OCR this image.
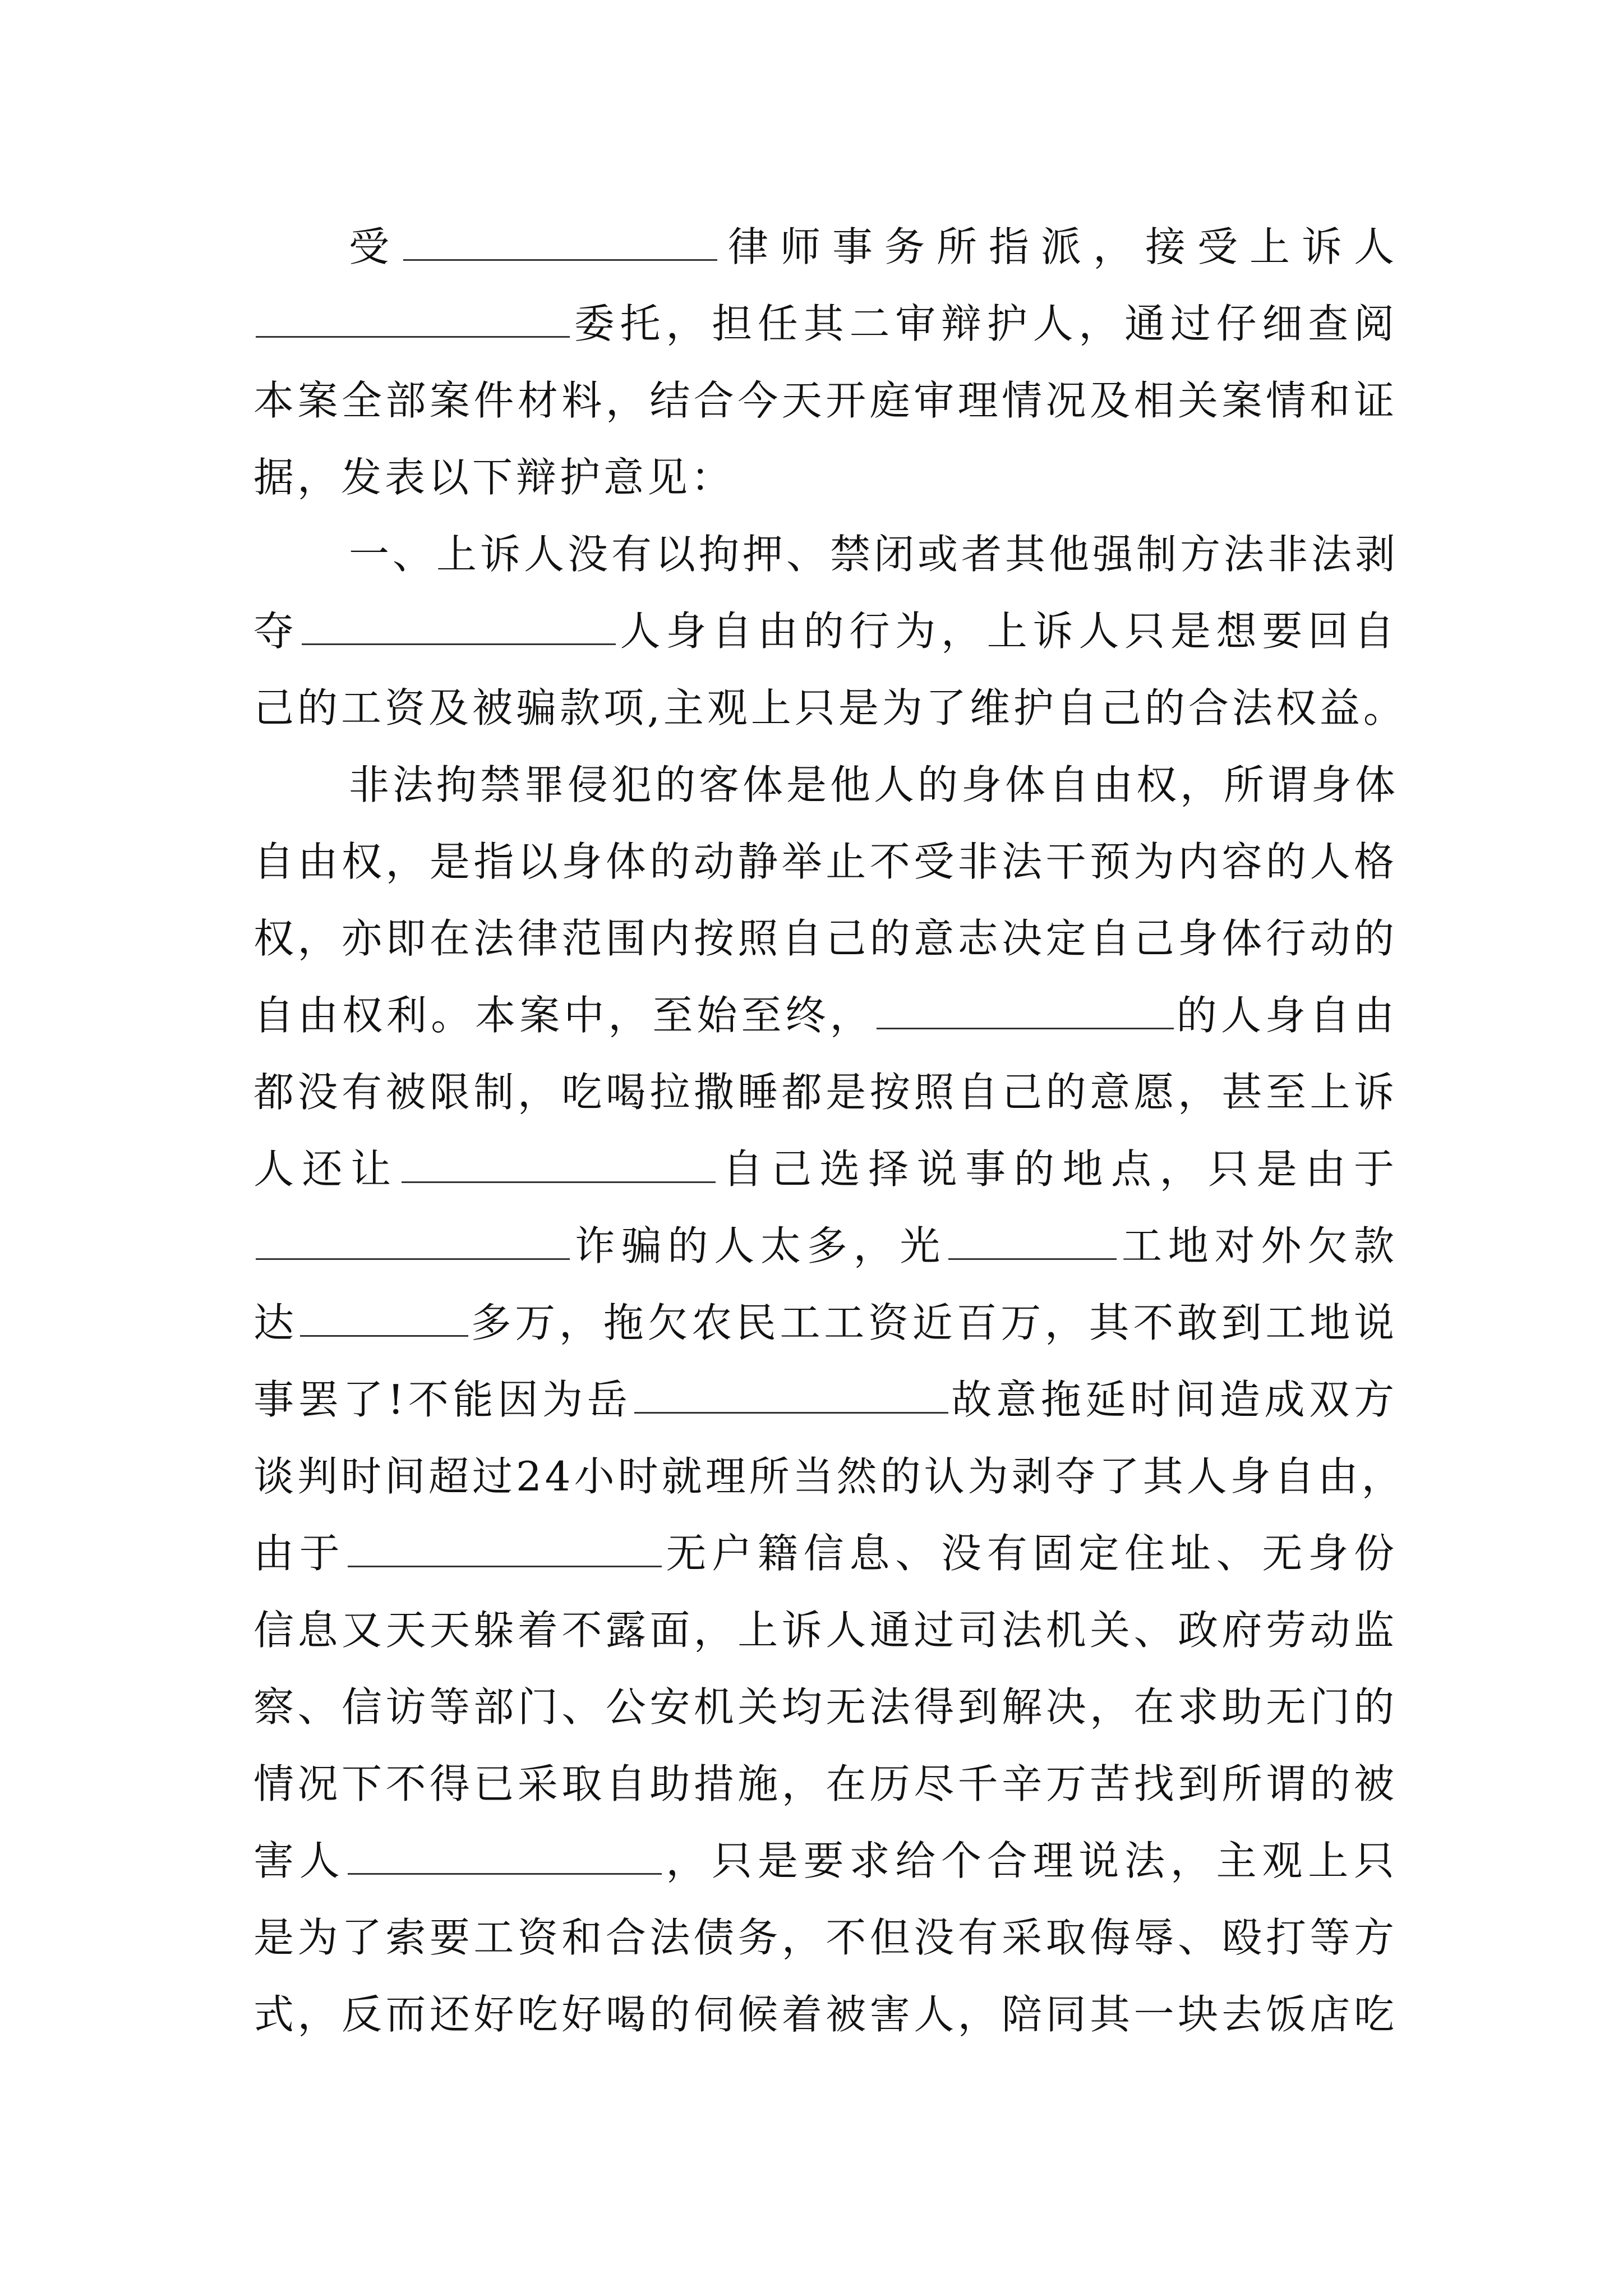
受	律师事务所指派，接受上诉人
委托，担任其二审辩护人，通过仔细查阅
本案全部案件材料，结合今天开庭审理情况及相关案情和证
据，发表以下辩护意见：
一、上诉人没有以拘押、禁闭或者其他强制方法非法剥
夺	人身自由的行为，上诉人只是想要回自
己的工资及被骗款项,主观上只是为了维护自己的合法权益。
非法拘禁罪侵犯的客体是他人的身体自由权，所谓身体
自由权，是指以身体的动静举止不受非法干预为内容的人格
权，亦即在法律范围内按照自己的意志决定自己身体行动的
自由权利。本案中，至始至终，	的人身自由
都没有被限制，吃喝拉撒睡都是按照自己的意愿，甚至上诉
人还让	自己选择说事的地点，只是由于
诈骗的人太多，光	工地对外欠款
达	多万，拖欠农民工工资近百万，其不敢到工地说
事罢了!不能因为岳	故意拖延时间造成双方
谈判时间超过24小时就理所当然的认为剥夺了其人身自由，
由于	无户籍信息、没有固定住址、无身份
信息又天天躲着不露面，上诉人通过司法机关、政府劳动监
察、信访等部门、公安机关均无法得到解决，在求助无门的
情况下不得已采取自助措施，在历尽千辛万苦找到所谓的被
害人	，只是要求给个合理说法，主观上只
是为了索要工资和合法债务，不但没有采取侮辱、殴打等方
式，反而还好吃好喝的伺候着被害人，陪同其一块去饭店吃
